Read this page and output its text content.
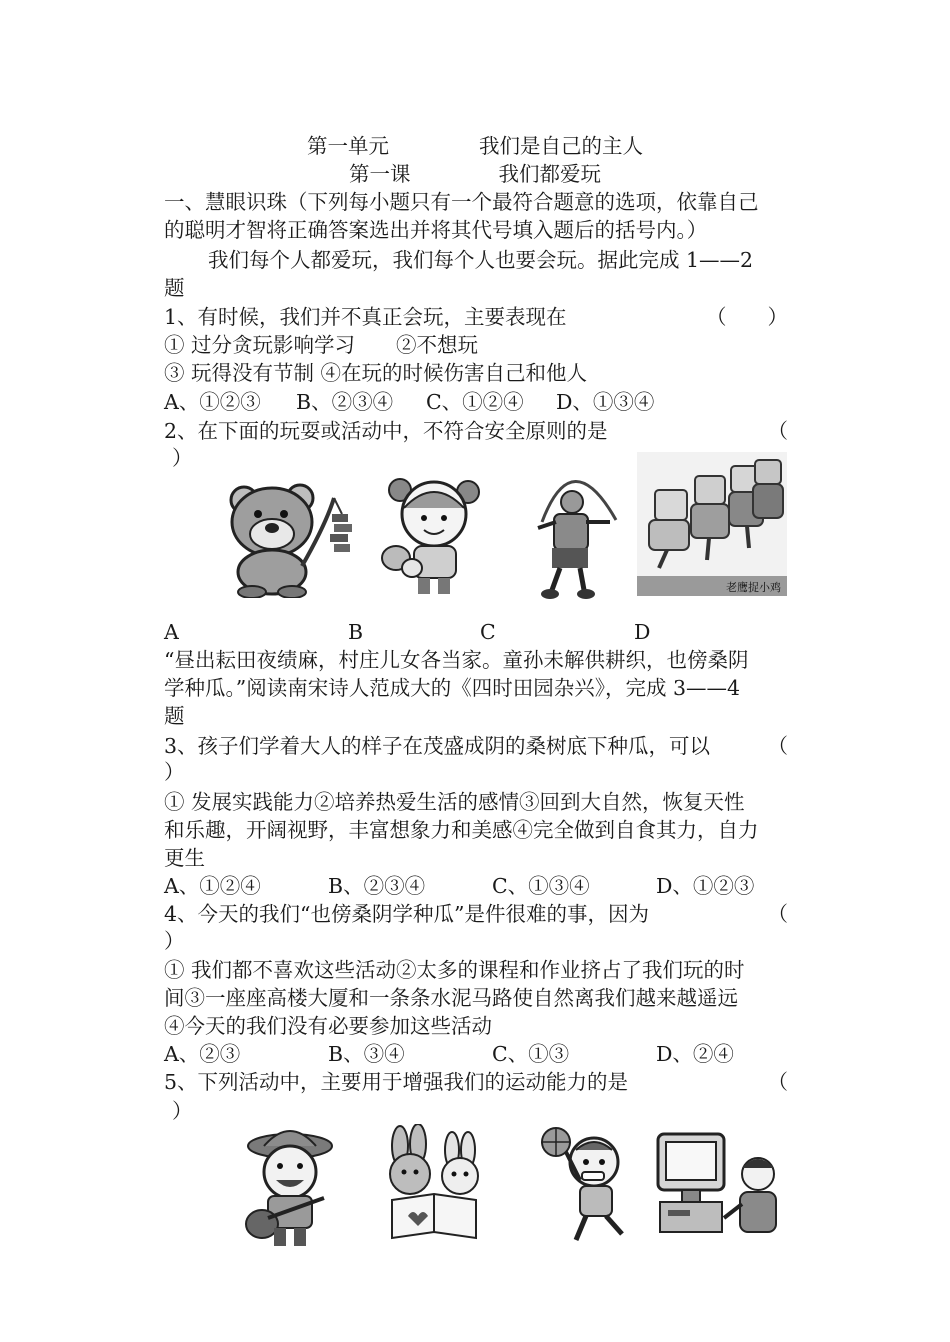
第一单元	我们是自己的主人
第一课	我们都爱玩
一、慧眼识珠（下列每小题只有一个最符合题意的选项，依靠自己
的聪明才智将正确答案选出并将其代号填入题后的括号内。）
我们每个人都爱玩，我们每个人也要会玩。据此完成 1——2
题
1、有时候，我们并不真正会玩，主要表现在	（　　）
① 过分贪玩影响学习　　②不想玩
③ 玩得没有节制 ④在玩的时候伤害自己和他人
A、①②③ B、②③④ C、①②④ D、①③④
2、在下面的玩耍或活动中，不符合安全原则的是	（
）
老鹰捉小鸡
A	B	C	D
“昼出耘田夜绩麻，村庄儿女各当家。童孙未解供耕织，也傍桑阴
学种瓜。”阅读南宋诗人范成大的《四时田园杂兴》，完成 3——4
题
3、孩子们学着大人的样子在茂盛成阴的桑树底下种瓜，可以	（
）
① 发展实践能力②培养热爱生活的感情③回到大自然，恢复天性
和乐趣，开阔视野，丰富想象力和美感④完全做到自食其力，自力
更生
A、①②④	B、②③④	C、①③④	D、①②③
4、今天的我们“也傍桑阴学种瓜”是件很难的事，因为	（
）
① 我们都不喜欢这些活动②太多的课程和作业挤占了我们玩的时
间③一座座高楼大厦和一条条水泥马路使自然离我们越来越遥远
④今天的我们没有必要参加这些活动
A、②③	B、③④	C、①③	D、②④
5、下列活动中，主要用于增强我们的运动能力的是	（
）
